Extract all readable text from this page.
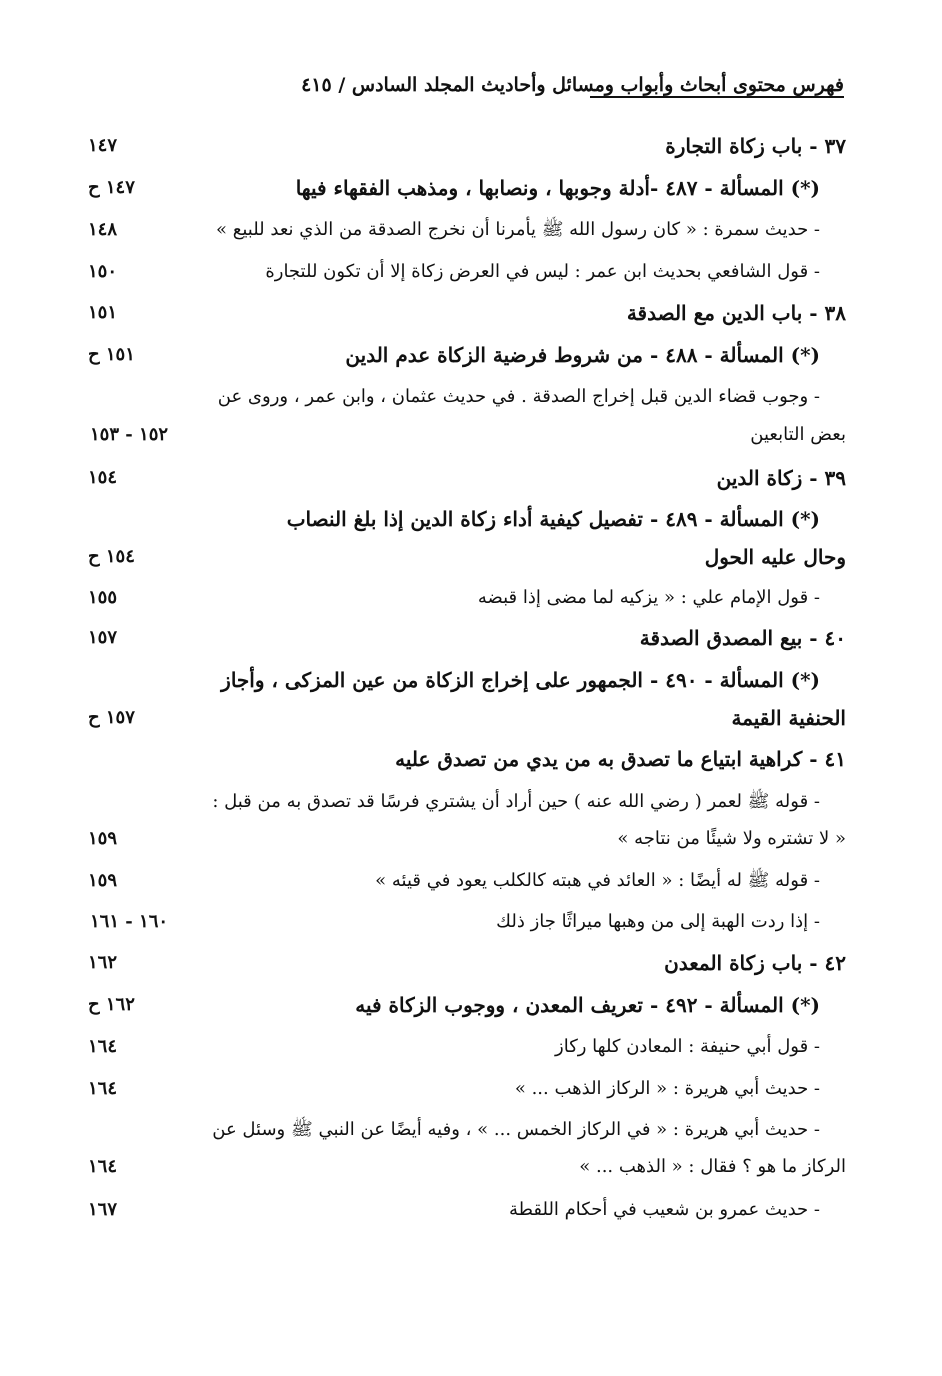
فهرس محتوى أبحاث وأبواب ومسائل وأحاديث المجلد السادس / ٤١٥
٣٧ - باب زكاة التجارة
١٤٧
(*) المسألة - ٤٨٧ -أدلة وجوبها ، ونصابها ، ومذهب الفقهاء فيها
١٤٧ ح
- حديث سمرة : « كان رسول الله ﷺ يأمرنا أن نخرج الصدقة من الذي نعد للبيع »
١٤٨
- قول الشافعي بحديث ابن عمر : ليس في العرض زكاة إلا أن تكون للتجارة
١٥٠
٣٨ - باب الدين مع الصدقة
١٥١
(*) المسألة - ٤٨٨ - من شروط فرضية الزكاة عدم الدين
١٥١ ح
- وجوب قضاء الدين قبل إخراج الصدقة . في حديث عثمان ، وابن عمر ، وروى عن
بعض التابعين
١٥٢ - ١٥٣
٣٩ - زكاة الدين
١٥٤
(*) المسألة - ٤٨٩ - تفصيل كيفية أداء زكاة الدين إذا بلغ النصاب
وحال عليه الحول
١٥٤ ح
- قول الإمام علي : « يزكيه لما مضى إذا قبضه
١٥٥
٤٠ - بيع المصدق الصدقة
١٥٧
(*) المسألة - ٤٩٠ - الجمهور على إخراج الزكاة من عين المزكى ، وأجاز
الحنفية القيمة
١٥٧ ح
٤١ - كراهية ابتياع ما تصدق به من يدي من تصدق عليه
- قوله ﷺ لعمر ( رضي الله عنه ) حين أراد أن يشتري فرسًا قد تصدق به من قبل :
« لا تشتره ولا شيئًا من نتاجه »
١٥٩
- قوله ﷺ له أيضًا : « العائد في هبته كالكلب يعود في قيئه »
١٥٩
- إذا ردت الهبة إلى من وهبها ميراثًا جاز ذلك
١٦٠ - ١٦١
٤٢ - باب زكاة المعدن
١٦٢
(*) المسألة - ٤٩٢ - تعريف المعدن ، ووجوب الزكاة فيه
١٦٢ ح
- قول أبي حنيفة : المعادن كلها ركاز
١٦٤
- حديث أبي هريرة : « الركاز الذهب ... »
١٦٤
- حديث أبي هريرة : « في الركاز الخمس ... » ، وفيه أيضًا عن النبي ﷺ وسئل عن
الركاز ما هو ؟ فقال : « الذهب ... »
١٦٤
- حديث عمرو بن شعيب في أحكام اللقطة
١٦٧
